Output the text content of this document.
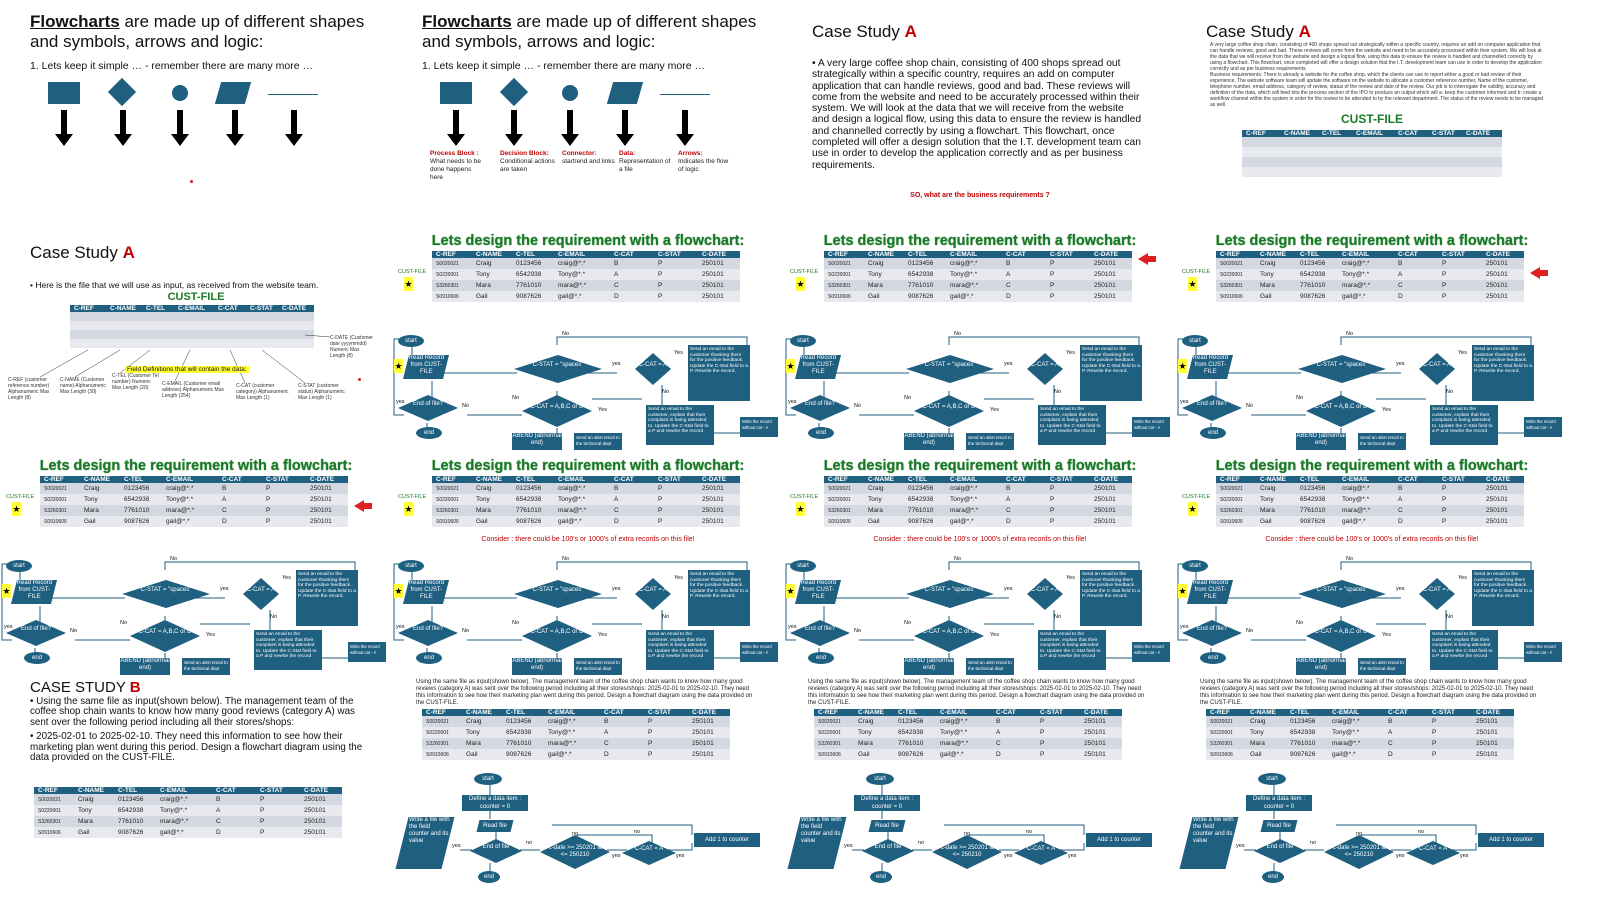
Flowcharts are made up of different shapes and symbols, arrows and logic:
1. Lets keep it simple … - remember there are many more …
Flowcharts are made up of different shapes and symbols, arrows and logic:
1. Lets keep it simple … - remember there are many more …
Process Block :
What needs to be done happens here
Decision Block:
Conditional actions are taken
Connector:
start/end and links
Data:
Representation of a file
Arrows:
Indicates the flow of logic
Case Study A
• A very large coffee shop chain, consisting of 400 shops spread out strategically within a specific country, requires an add on computer application that can handle reviews, good and bad. These reviews will come from the website and need to be accurately processed within their system. We will look at the data that we will receive from the website and design a logical flow, using this data to ensure the review is handled and channelled correctly by using a flowchart. This flowchart, once completed will offer a design solution that the I.T. development team can use in order to develop the application correctly and as per business requirements.
SO, what are the business requirements ?
Case Study A
A very large coffee shop chain, consisting of 400 shops spread out strategically within a specific country, requires an add on computer application that can handle reviews, good and bad. These reviews will come from the website and need to be accurately processed within their system. We will look at the data that we will receive from the website and design a logical flow, using this data to ensure the review is handled and channelled correctly by using a flowchart. This flowchart, once completed will offer a design solution that the I.T. development team can use in order to develop the application correctly and as per business requirements.
Business requirements: There is already a website for the coffee shop, which the clients can use to report either a good or bad review of their experience. The website software team will update the software on the website to allocate a customer reference number, Name of the customer, telephone number, email address, category of review, status of the review and date of the review. Our job is to interrogate the validity, accuracy and definition of the data, which will feed into the process section of the IPO to produce an output which will a: keep the customer informed and b: create a workflow channel within the system in order for the review to be attended to by the relevant department. The status of the review needs to be managed as well.
CUST-FILE
C-REF	C-NAME	C-TEL	C-EMAIL	C-CAT	C-STAT	C-DATE

Case Study A
• Here is the file that we will use as input, as received from the website team.
CUST-FILE
C-REF	C-NAME	C-TEL	C-EMAIL	C-CAT	C-STAT	C-DATE

Field Definitions that will contain the data:
C-REF (customer reference number) Alphanumeric Max Length (8)
C-NAME (Customer name) Alphanumeric Max Length (30)
C-TEL (Customer Tel number) Numeric Max Length (20)
C-EMAIL (Customer email address) Alphanumeric Max Length (254)
C-CAT (customer category) Alphanumeric Max Length (1)
C-STAT (customer status) Alphanumeric Max Length (1)
C-DATE (Customer date yyyymmdd) Numeric Max Length (8)
CASE STUDY B
• Using the same file as input(shown below). The management team of the coffee shop chain wants to know how many good reviews (category A) was sent over the following period including all their stores/shops:
• 2025-02-01 to 2025-02-10. They need this information to see how their marketing plan went during this period. Design a flowchart diagram using the data provided on the CUST-FILE.
C-REF	C-NAME	C-TEL	C-EMAIL	C-CAT	C-STAT	C-DATE
S0020021	Craig	0123456	craig@*.*	B	P	250101
S0220001	Tony	6542938	Tony@*.*	A	P	250101
S3260301	Mara	7761010	mara@*.*	C	P	250101
S0910606	Gail	9087626	gail@*.*	D	P	250101
Lets design the requirement with a flowchart:
C-REF	C-NAME	C-TEL	C-EMAIL	C-CAT	C-STAT	C-DATE
S0020021	Craig	0123456	craig@*.*	B	P	250101
S0220001	Tony	6542938	Tony@*.*	A	P	250101
S3260301	Mara	7761010	mara@*.*	C	P	250101
S0910606	Gail	9087626	gail@*.*	D	P	250101
CUST-FILE
★
start
Read Record from CUST-FILE
★	C-STAT = "spaces"	C-CAT = A
C-CAT = A,B,C or D
End of file?
end	ABEND (abnormal end)
Send an alert email to the technical dept
Send an email to the customer thanking them for the positive feedback. Update the C-Stat field to a P. Rewrite the record.
Send an email to the customer, explain that their complaint is being attended to. Update the C-Stat field to a P and rewrite the record
Write the record without cat - A
yes
No
Yes
No
No
Yes
No
yes
Lets design the requirement with a flowchart:
C-REF	C-NAME	C-TEL	C-EMAIL	C-CAT	C-STAT	C-DATE
S0020021	Craig	0123456	craig@*.*	B	P	250101
S0220001	Tony	6542938	Tony@*.*	A	P	250101
S3260301	Mara	7761010	mara@*.*	C	P	250101
S0910606	Gail	9087626	gail@*.*	D	P	250101
CUST-FILE
★
start
Read Record from CUST-FILE
★	C-STAT = "spaces"	C-CAT = A
C-CAT = A,B,C or D
End of file?
end	ABEND (abnormal end)
Send an alert email to the technical dept
Send an email to the customer thanking them for the positive feedback. Update the C-Stat field to a P. Rewrite the record.
Send an email to the customer, explain that their complaint is being attended to. Update the C-Stat field to a P and rewrite the record
Write the record without cat - A
yes
No
Yes
No
No
Yes
No
yes
Lets design the requirement with a flowchart:
C-REF	C-NAME	C-TEL	C-EMAIL	C-CAT	C-STAT	C-DATE
S0020021	Craig	0123456	craig@*.*	B	P	250101
S0220001	Tony	6542938	Tony@*.*	A	P	250101
S3260301	Mara	7761010	mara@*.*	C	P	250101
S0910606	Gail	9087626	gail@*.*	D	P	250101
CUST-FILE
★
start
Read Record from CUST-FILE
★	C-STAT = "spaces"	C-CAT = A
C-CAT = A,B,C or D
End of file?
end	ABEND (abnormal end)
Send an alert email to the technical dept
Send an email to the customer thanking them for the positive feedback. Update the C-Stat field to a P. Rewrite the record.
Send an email to the customer, explain that their complaint is being attended to. Update the C-Stat field to a P and rewrite the record
Write the record without cat - A
yes
No
Yes
No
No
Yes
No
yes
Lets design the requirement with a flowchart:
C-REF	C-NAME	C-TEL	C-EMAIL	C-CAT	C-STAT	C-DATE
S0020021	Craig	0123456	craig@*.*	B	P	250101
S0220001	Tony	6542938	Tony@*.*	A	P	250101
S3260301	Mara	7761010	mara@*.*	C	P	250101
S0910606	Gail	9087626	gail@*.*	D	P	250101
CUST-FILE
★
start
Read Record from CUST-FILE
★	C-STAT = "spaces"	C-CAT = A
C-CAT = A,B,C or D
End of file?
end	ABEND (abnormal end)
Send an alert email to the technical dept
Send an email to the customer thanking them for the positive feedback. Update the C-Stat field to a P. Rewrite the record.
Send an email to the customer, explain that their complaint is being attended to. Update the C-Stat field to a P and rewrite the record
Write the record without cat - A
yes
No
Yes
No
No
Yes
No
yes
Lets design the requirement with a flowchart:
C-REF	C-NAME	C-TEL	C-EMAIL	C-CAT	C-STAT	C-DATE
S0020021	Craig	0123456	craig@*.*	B	P	250101
S0220001	Tony	6542938	Tony@*.*	A	P	250101
S3260301	Mara	7761010	mara@*.*	C	P	250101
S0910606	Gail	9087626	gail@*.*	D	P	250101
CUST-FILE
★
Consider : there could be 100's or 1000's of extra records on this file!
start
Read Record from CUST-FILE
★	C-STAT = "spaces"	C-CAT = A
C-CAT = A,B,C or D
End of file?
end	ABEND (abnormal end)
Send an alert email to the technical dept
Send an email to the customer thanking them for the positive feedback. Update the C-Stat field to a P. Rewrite the record.
Send an email to the customer, explain that their complaint is being attended to. Update the C-Stat field to a P and rewrite the record
Write the record without cat - A
yes
No
Yes
No
No
Yes
No
yes
Lets design the requirement with a flowchart:
C-REF	C-NAME	C-TEL	C-EMAIL	C-CAT	C-STAT	C-DATE
S0020021	Craig	0123456	craig@*.*	B	P	250101
S0220001	Tony	6542938	Tony@*.*	A	P	250101
S3260301	Mara	7761010	mara@*.*	C	P	250101
S0910606	Gail	9087626	gail@*.*	D	P	250101
CUST-FILE
★
Consider : there could be 100's or 1000's of extra records on this file!
start
Read Record from CUST-FILE
★	C-STAT = "spaces"	C-CAT = A
C-CAT = A,B,C or D
End of file?
end	ABEND (abnormal end)
Send an alert email to the technical dept
Send an email to the customer thanking them for the positive feedback. Update the C-Stat field to a P. Rewrite the record.
Send an email to the customer, explain that their complaint is being attended to. Update the C-Stat field to a P and rewrite the record
Write the record without cat - A
yes
No
Yes
No
No
Yes
No
yes
Lets design the requirement with a flowchart:
C-REF	C-NAME	C-TEL	C-EMAIL	C-CAT	C-STAT	C-DATE
S0020021	Craig	0123456	craig@*.*	B	P	250101
S0220001	Tony	6542938	Tony@*.*	A	P	250101
S3260301	Mara	7761010	mara@*.*	C	P	250101
S0910606	Gail	9087626	gail@*.*	D	P	250101
CUST-FILE
★
Consider : there could be 100's or 1000's of extra records on this file!
start
Read Record from CUST-FILE
★	C-STAT = "spaces"	C-CAT = A
C-CAT = A,B,C or D
End of file?
end	ABEND (abnormal end)
Send an alert email to the technical dept
Send an email to the customer thanking them for the positive feedback. Update the C-Stat field to a P. Rewrite the record.
Send an email to the customer, explain that their complaint is being attended to. Update the C-Stat field to a P and rewrite the record
Write the record without cat - A
yes
No
Yes
No
No
Yes
No
yes
Using the same file as input(shown below). The management team of the coffee shop chain wants to know how many good reviews (category A) was sent over the following period including all their stores/shops: 2025-02-01 to 2025-02-10. They need this information to see how their marketing plan went during this period. Design a flowchart diagram using the data provided on the CUST-FILE.
C-REF	C-NAME	C-TEL	C-EMAIL	C-CAT	C-STAT	C-DATE
S0020021	Craig	0123456	craig@*.*	B	P	250101
S0220001	Tony	6542938	Tony@*.*	A	P	250101
S3260301	Mara	7761010	mara@*.*	C	P	250101
S0910606	Gail	9087626	gail@*.*	D	P	250101
start
Define a data item : counter = 0
Read file
End of file	Is c-date >= 250201 and <= 250210
C-CAT = A
Add 1 to counter
Write a file with the field counter and its value
end
yes	no
no	no
yes	yes
Using the same file as input(shown below). The management team of the coffee shop chain wants to know how many good reviews (category A) was sent over the following period including all their stores/shops: 2025-02-01 to 2025-02-10. They need this information to see how their marketing plan went during this period. Design a flowchart diagram using the data provided on the CUST-FILE.
C-REF	C-NAME	C-TEL	C-EMAIL	C-CAT	C-STAT	C-DATE
S0020021	Craig	0123456	craig@*.*	B	P	250101
S0220001	Tony	6542938	Tony@*.*	A	P	250101
S3260301	Mara	7761010	mara@*.*	C	P	250101
S0910606	Gail	9087626	gail@*.*	D	P	250101
start
Define a data item : counter = 0
Read file
End of file	Is c-date >= 250201 and <= 250210
C-CAT = A
Add 1 to counter
Write a file with the field counter and its value
end
yes	no
no	no
yes	yes
Using the same file as input(shown below). The management team of the coffee shop chain wants to know how many good reviews (category A) was sent over the following period including all their stores/shops: 2025-02-01 to 2025-02-10. They need this information to see how their marketing plan went during this period. Design a flowchart diagram using the data provided on the CUST-FILE.
C-REF	C-NAME	C-TEL	C-EMAIL	C-CAT	C-STAT	C-DATE
S0020021	Craig	0123456	craig@*.*	B	P	250101
S0220001	Tony	6542938	Tony@*.*	A	P	250101
S3260301	Mara	7761010	mara@*.*	C	P	250101
S0910606	Gail	9087626	gail@*.*	D	P	250101
start
Define a data item : counter = 0
Read file
End of file	Is c-date >= 250201 and <= 250210
C-CAT = A
Add 1 to counter
Write a file with the field counter and its value
end
yes	no
no	no
yes	yes
